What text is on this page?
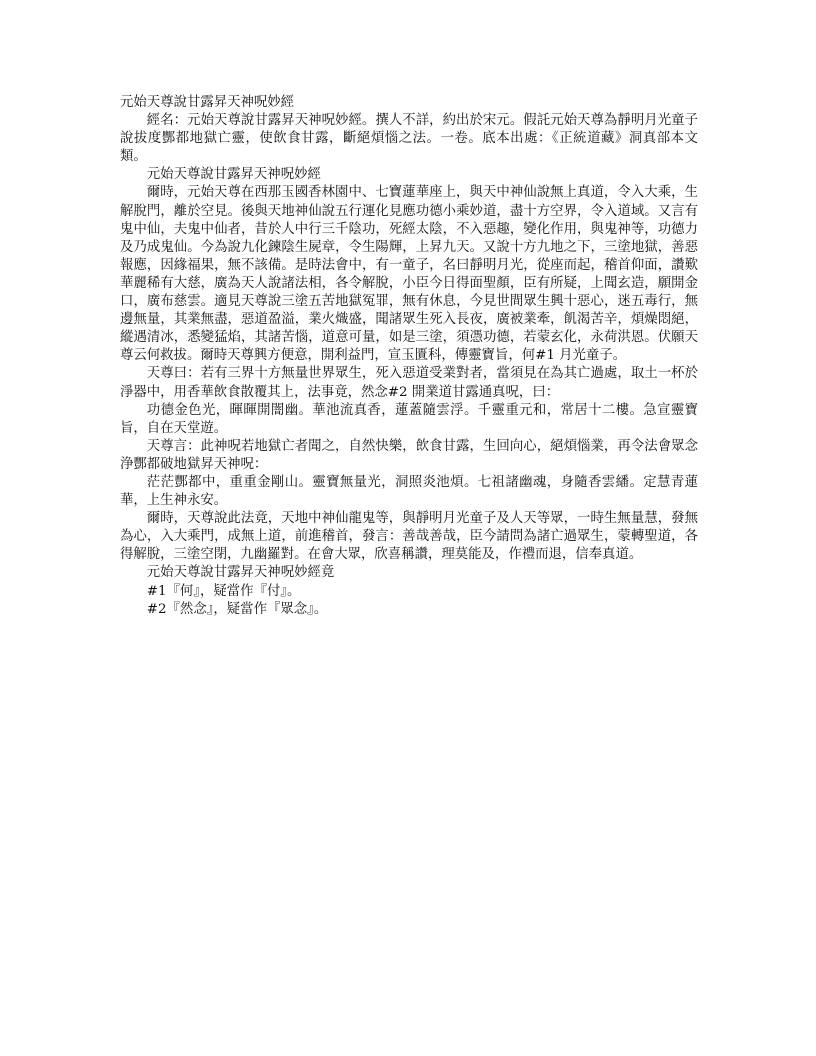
元始天尊說甘露昇天神呪妙經

經名：元始天尊說甘露昇天神呪妙經。撰人不詳，約出於宋元。假託元始天尊為靜明月光童子說拔度酆都地獄亡靈，使飲食甘露，斷絕煩惱之法。一卷。底本出處：《正統道藏》洞真部本文類。

元始天尊說甘露昇天神呪妙經

爾時，元始天尊在西那玉國香林園中、七寶蓮華座上，與天中神仙說無上真道，令入大乘，生解脫門，離於空見。後與天地神仙說五行運化見應功德小乘妙道，盡十方空界，令入道域。又言有鬼中仙，夫鬼中仙者，昔於人中行三千陰功，死經太陰，不入惡趣，變化作用，與鬼神等，功德力及乃成鬼仙。今為說九化鍊陰生屍章，令生陽輝，上昇九天。又說十方九地之下，三塗地獄，善惡報應，因緣福果，無不該備。是時法會中，有一童子，名曰靜明月光，從座而起，稽首仰面，讚歎華麗稀有大慈，廣為天人說諸法相，各令解脫，小臣今日得面聖顏，臣有所疑，上聞玄造，願開金口，廣布慈雲。適見天尊說三塗五苦地獄冤罪，無有休息，今見世間眾生興十惡心，迷五毒行，無邊無量，其業無盡，惡道盈溢，業火熾盛，聞諸眾生死入長夜，廣被業牽，飢渴苦辛，煩燥悶絕，縱遇清冰，悉變猛焰，其諸苦惱，道意可量，如是三塗，須憑功德，若蒙玄化，永荷洪恩。伏願天尊云何救拔。爾時天尊興方便意，開利益門，宣玉匱科，傳靈寶旨，何#1 月光童子。

天尊曰：若有三界十方無量世界眾生，死入惡道受業對者，當須見在為其亡過處，取土一杯於淨器中，用香華飲食散覆其上，法事竟，然念#2 開業道甘露通真呪，曰：

功德金色光，暉暉開闇幽。華池流真香，蓮蓋隨雲浮。千靈重元和，常居十二樓。急宣靈寶旨，自在天堂遊。

天尊言：此神呪若地獄亡者聞之，自然快樂，飲食甘露，生回向心，絕煩惱業，再令法會眾念浄酆都破地獄昇天神呪：

茫茫酆都中，重重金剛山。靈寶無量光，洞照炎池煩。七祖諸幽魂，身隨香雲繙。定慧青蓮華，上生神永安。

爾時，天尊說此法竟，天地中神仙龍鬼等，與靜明月光童子及人天等眾，一時生無量慧，發無為心，入大乘門，成無上道，前進稽首，發言：善哉善哉，臣今請問為諸亡過眾生，蒙轉聖道，各得解脫，三塗空閉，九幽羅對。在會大眾，欣喜稱讚，理莫能及，作禮而退，信奉真道。

元始天尊說甘露昇天神呪妙經竟

#1『何』，疑當作『付』。

#2『然念』，疑當作『眾念』。
